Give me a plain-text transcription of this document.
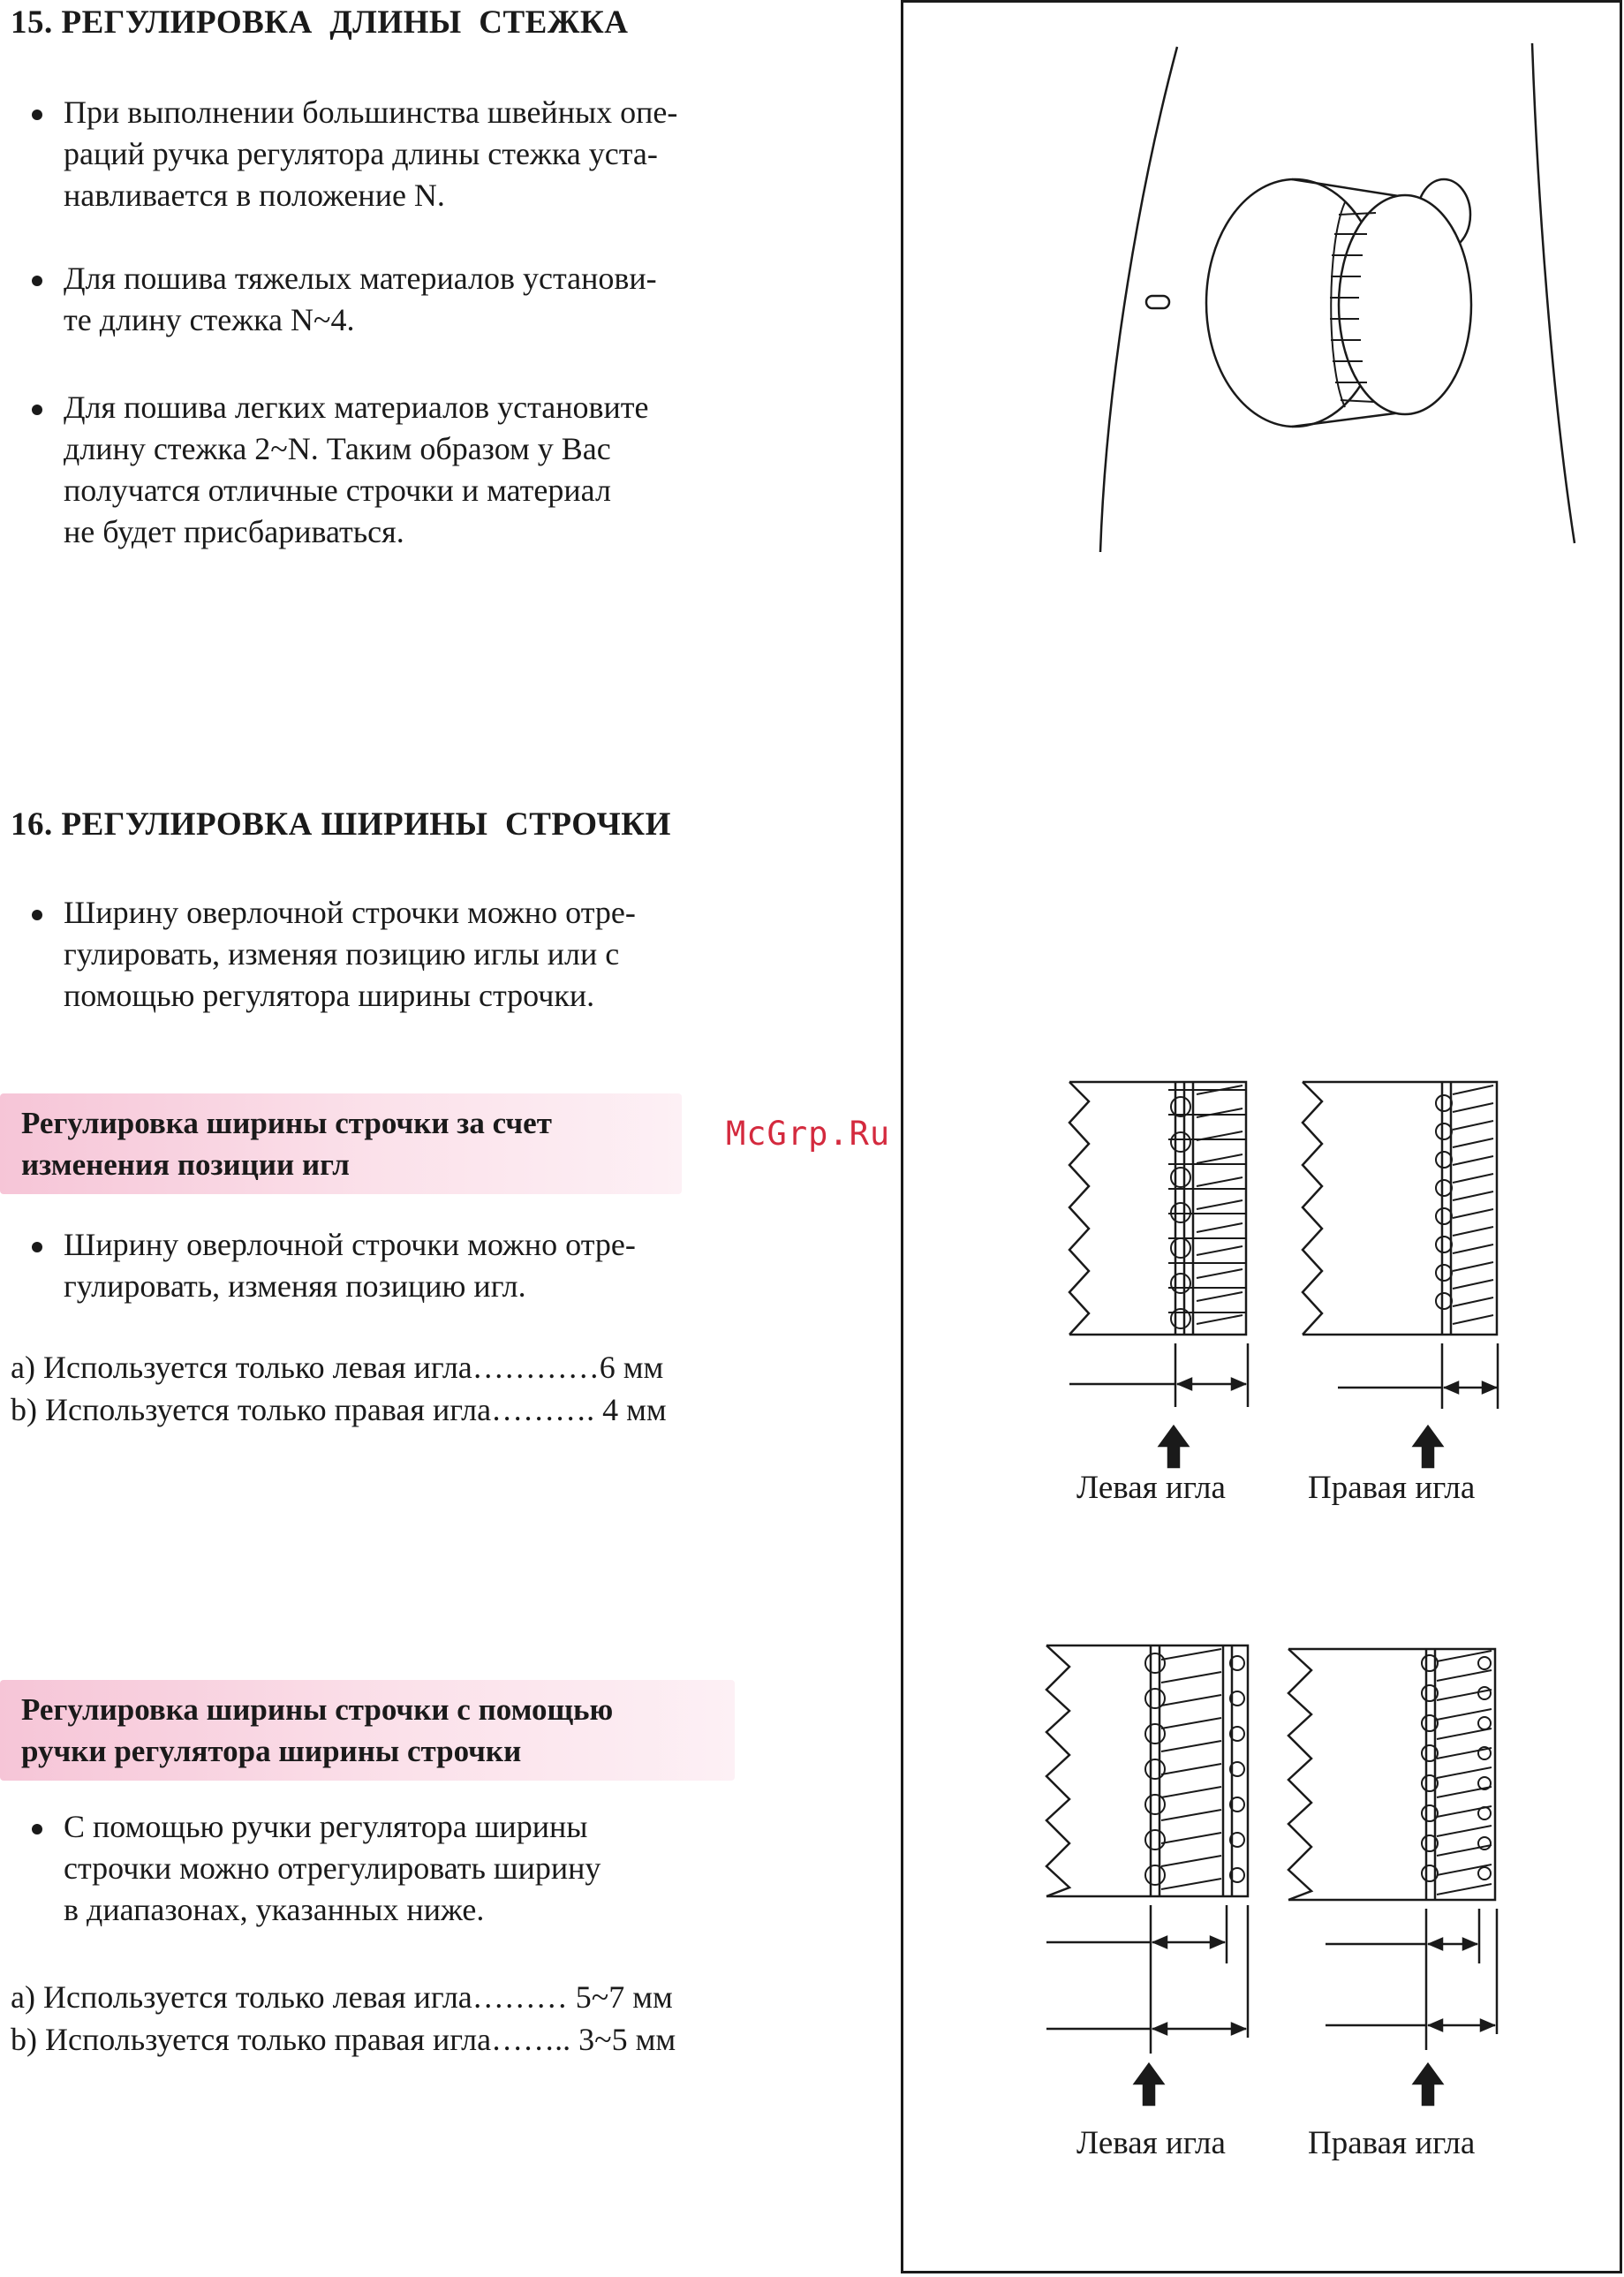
15. РЕГУЛИРОВКА  ДЛИНЫ  СТЕЖКА
При выполнении большинства швейных опе-
раций ручка регулятора длины стежка уста-
навливается в положение N.
Для пошива тяжелых материалов установи-
те длину стежка N~4.
Для пошива легких материалов установите
длину стежка 2~N. Таким образом у Вас
получатся отличные строчки и материал
не будет присбариваться.
16. РЕГУЛИРОВКА ШИРИНЫ  СТРОЧКИ
Ширину оверлочной строчки можно отре-
гулировать, изменяя позицию иглы или с
помощью регулятора ширины строчки.
Регулировка ширины строчки за счет
изменения позиции игл
Ширину оверлочной строчки можно отре-
гулировать, изменяя позицию игл.
a) Используется только левая игла…………6 мм
b) Используется только правая игла………. 4 мм
Регулировка ширины строчки с помощью
ручки регулятора ширины строчки
С помощью ручки регулятора ширины
строчки можно отрегулировать ширину
в диапазонах, указанных ниже.
a) Используется только левая игла……… 5~7 мм
b) Используется только правая игла…….. 3~5 мм
McGrp.Ru
Левая игла	Правая игла
Левая игла	Правая игла
